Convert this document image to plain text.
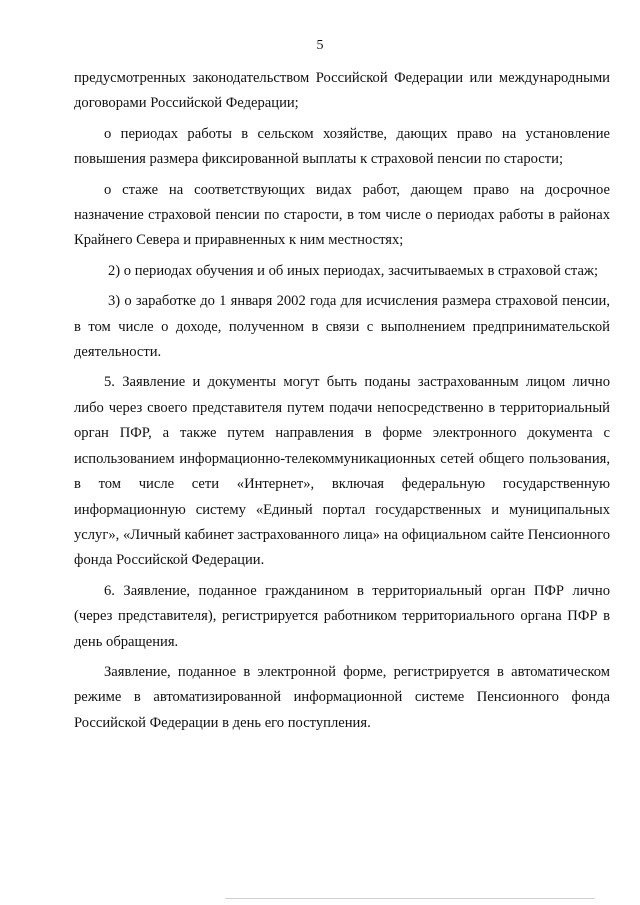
5

предусмотренных законодательством Российской Федерации или международными договорами Российской Федерации;

о периодах работы в сельском хозяйстве, дающих право на установление повышения размера фиксированной выплаты к страховой пенсии по старости;

о стаже на соответствующих видах работ, дающем право на досрочное назначение страховой пенсии по старости, в том числе о периодах работы в районах Крайнего Севера и приравненных к ним местностях;

2) о периодах обучения и об иных периодах, засчитываемых в страховой стаж;

3) о заработке до 1 января 2002 года для исчисления размера страховой пенсии, в том числе о доходе, полученном в связи с выполнением предпринимательской деятельности.

5. Заявление и документы могут быть поданы застрахованным лицом лично либо через своего представителя путем подачи непосредственно в территориальный орган ПФР, а также путем направления в форме электронного документа с использованием информационно-телекоммуникационных сетей общего пользования, в том числе сети «Интернет», включая федеральную государственную информационную систему «Единый портал государственных и муниципальных услуг», «Личный кабинет застрахованного лица» на официальном сайте Пенсионного фонда Российской Федерации.

6. Заявление, поданное гражданином в территориальный орган ПФР лично (через представителя), регистрируется работником территориального органа ПФР в день обращения.

Заявление, поданное в электронной форме, регистрируется в автоматическом режиме в автоматизированной информационной системе Пенсионного фонда Российской Федерации в день его поступления.
